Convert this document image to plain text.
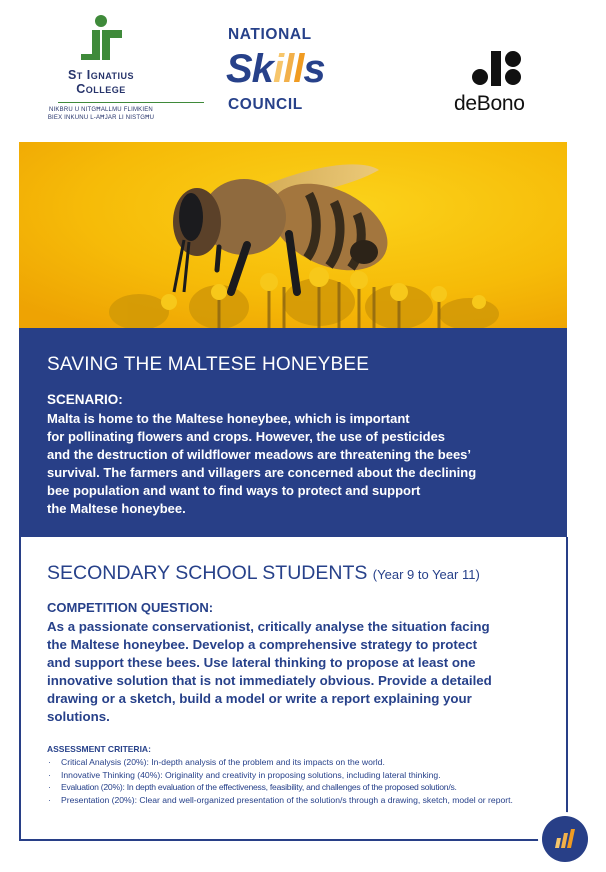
St Ignatius
College
NIKBRU U NITGĦALLMU FLIMKIEN
BIEX INKUNU L-AĦJAR LI NISTGĦU
NATIONAL
Skills
COUNCIL	deBono
SAVING THE MALTESE HONEYBEE
SCENARIO:
Malta is home to the Maltese honeybee, which is important
for pollinating flowers and crops. However, the use of pesticides
and the destruction of wildflower meadows are threatening the bees’
survival. The farmers and villagers are concerned about the declining
bee population and want to find ways to protect and support
the Maltese honeybee.
SECONDARY SCHOOL STUDENTS (Year 9 to Year 11)
COMPETITION QUESTION:
As a passionate conservationist, critically analyse the situation facing
the Maltese honeybee. Develop a comprehensive strategy to protect
and support these bees. Use lateral thinking to propose at least one
innovative solution that is not immediately obvious. Provide a detailed
drawing or a sketch, build a model or write a report explaining your
solutions.
ASSESSMENT CRITERIA:
· Critical Analysis (20%): In-depth analysis of the problem and its impacts on the world.
· Innovative Thinking (40%): Originality and creativity in proposing solutions, including lateral thinking.
· Evaluation (20%): In depth evaluation of the effectiveness, feasibility, and challenges of the proposed solution/s.
· Presentation (20%): Clear and well-organized presentation of the solution/s through a drawing, sketch, model or report.
